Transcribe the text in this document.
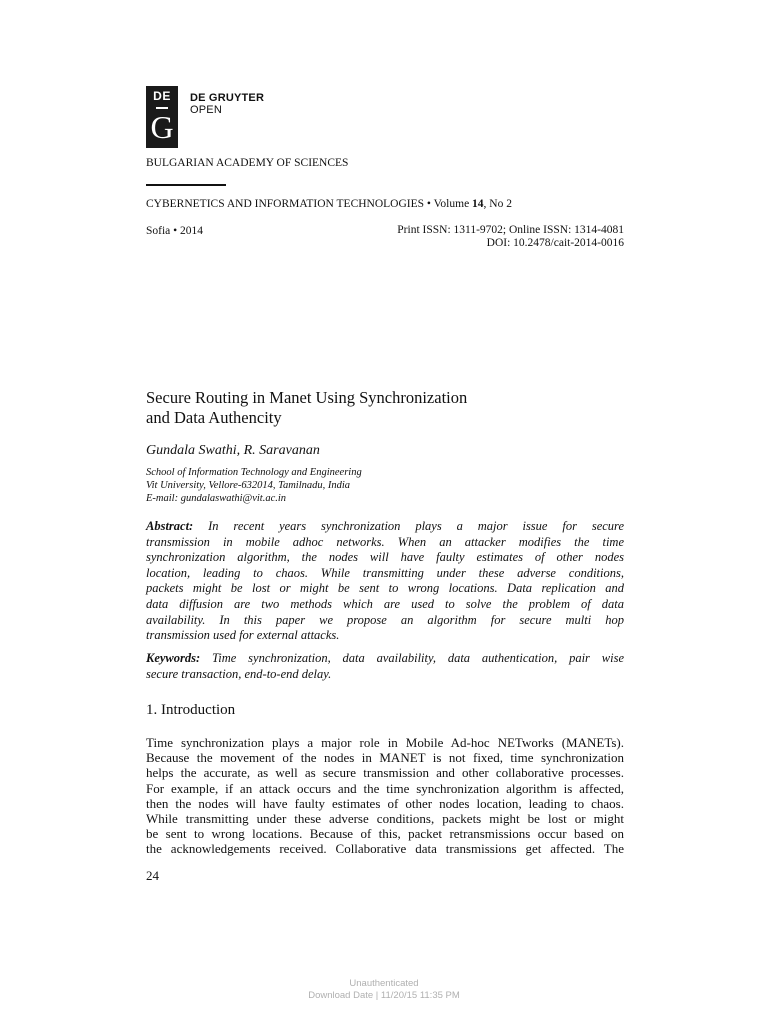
DE
G
DE GRUYTER
OPEN
BULGARIAN ACADEMY OF SCIENCES
CYBERNETICS AND INFORMATION TECHNOLOGIES • Volume 14, No 2
Sofia • 2014	Print ISSN: 1311-9702; Online ISSN: 1314-4081
DOI: 10.2478/cait-2014-0016
Secure Routing in Manet Using Synchronization
and Data Authencity
Gundala Swathi, R. Saravanan
School of Information Technology and Engineering
Vit University, Vellore-632014, Tamilnadu, India
E-mail: gundalaswathi@vit.ac.in
Abstract: In recent years synchronization plays a major issue for secure
transmission in mobile adhoc networks. When an attacker modifies the time
synchronization algorithm, the nodes will have faulty estimates of other nodes
location, leading to chaos. While transmitting under these adverse conditions,
packets might be lost or might be sent to wrong locations. Data replication and
data diffusion are two methods which are used to solve the problem of data
availability. In this paper we propose an algorithm for secure multi hop
transmission used for external attacks.
Keywords: Time synchronization, data availability, data authentication, pair wise
secure transaction, end-to-end delay.
1. Introduction
Time synchronization plays a major role in Mobile Ad-hoc NETworks (MANETs).
Because the movement of the nodes in MANET is not fixed, time synchronization
helps the accurate, as well as secure transmission and other collaborative processes.
For example, if an attack occurs and the time synchronization algorithm is affected,
then the nodes will have faulty estimates of other nodes location, leading to chaos.
While transmitting under these adverse conditions, packets might be lost or might
be sent to wrong locations. Because of this, packet retransmissions occur based on
the acknowledgements received. Collaborative data transmissions get affected. The
24
Unauthenticated
Download Date | 11/20/15 11:35 PM
